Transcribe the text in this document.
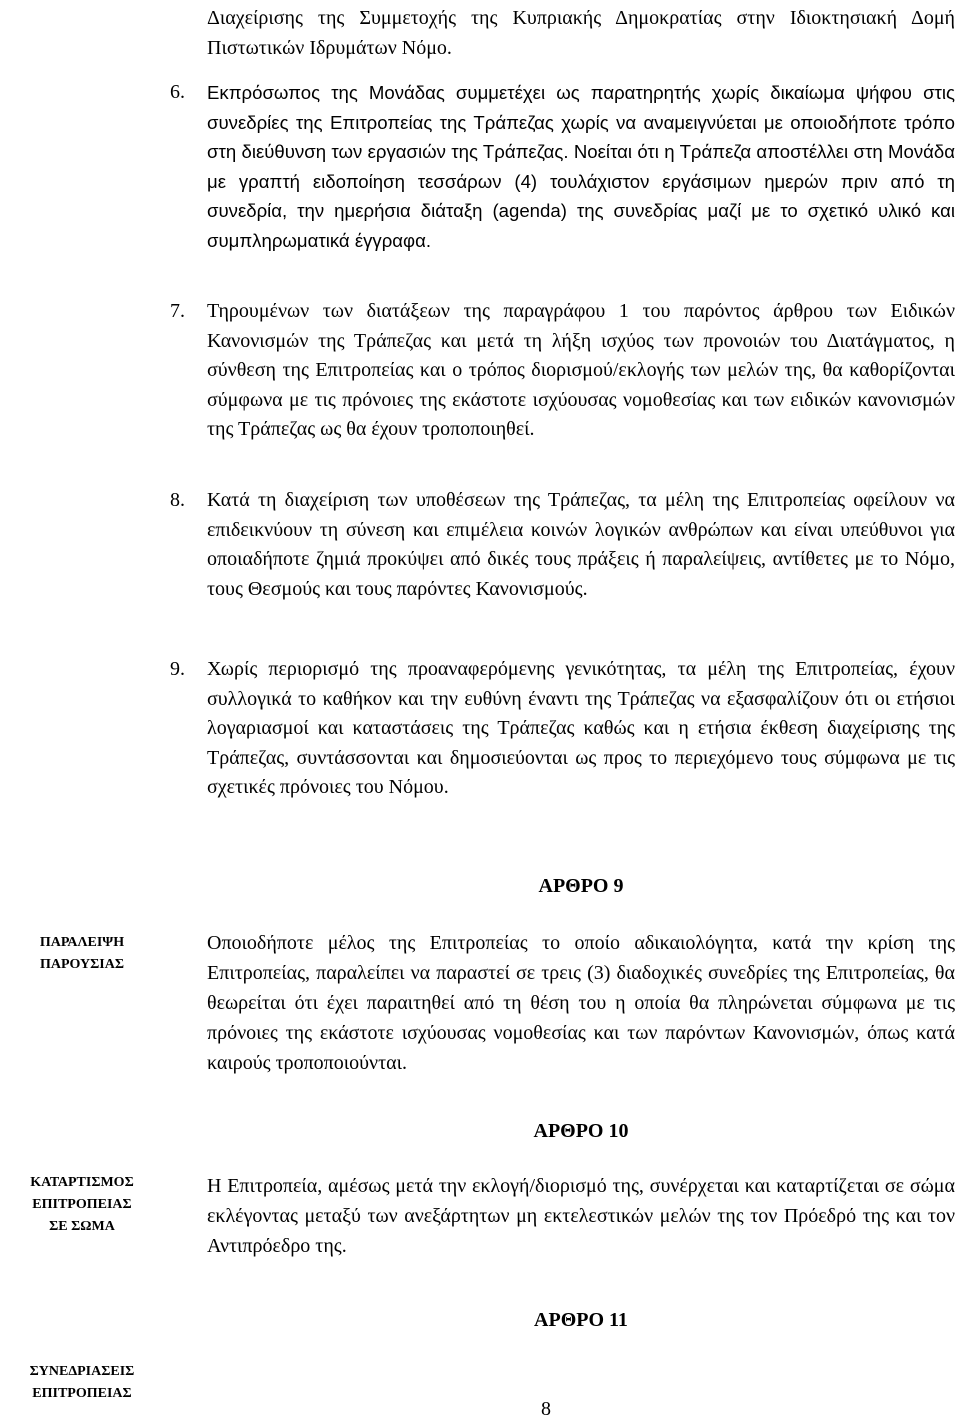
Διαχείρισης της Συμμετοχής της Κυπριακής Δημοκρατίας στην Ιδιοκτησιακή Δομή Πιστωτικών Ιδρυμάτων Νόμο.
6.	Εκπρόσωπος της Μονάδας συμμετέχει ως παρατηρητής χωρίς δικαίωμα ψήφου στις συνεδρίες της Επιτροπείας της Τράπεζας χωρίς να αναμειγνύεται με οποιοδήποτε τρόπο στη διεύθυνση των εργασιών της Τράπεζας. Νοείται ότι η Τράπεζα αποστέλλει στη Μονάδα με γραπτή ειδοποίηση τεσσάρων (4) τουλάχιστον εργάσιμων ημερών πριν από τη συνεδρία, την ημερήσια διάταξη (agenda) της συνεδρίας μαζί με το σχετικό υλικό και συμπληρωματικά έγγραφα.
7.	Τηρουμένων των διατάξεων της παραγράφου 1 του παρόντος άρθρου των Ειδικών Κανονισμών της Τράπεζας και μετά τη λήξη ισχύος των προνοιών του Διατάγματος, η σύνθεση της Επιτροπείας και ο τρόπος διορισμού/εκλογής των μελών της, θα καθορίζονται σύμφωνα με τις πρόνοιες της εκάστοτε ισχύουσας νομοθεσίας και των ειδικών κανονισμών της Τράπεζας ως θα έχουν τροποποιηθεί.
8.	Κατά τη διαχείριση των υποθέσεων της Τράπεζας, τα μέλη της Επιτροπείας οφείλουν να επιδεικνύουν τη σύνεση και επιμέλεια κοινών λογικών ανθρώπων και είναι υπεύθυνοι για οποιαδήποτε ζημιά προκύψει από δικές τους πράξεις ή παραλείψεις, αντίθετες με το Νόμο, τους Θεσμούς και τους παρόντες Κανονισμούς.
9.	Χωρίς περιορισμό της προαναφερόμενης γενικότητας, τα μέλη της Επιτροπείας, έχουν συλλογικά το καθήκον και την ευθύνη έναντι της Τράπεζας να εξασφαλίζουν ότι οι ετήσιοι λογαριασμοί και καταστάσεις της Τράπεζας καθώς και η ετήσια έκθεση διαχείρισης της Τράπεζας, συντάσσονται και δημοσιεύονται ως προς το περιεχόμενο τους σύμφωνα με τις σχετικές πρόνοιες του Νόμου.
ΑΡΘΡΟ 9
ΠΑΡΑΛΕΙΨΗ
ΠΑΡΟΥΣΙΑΣ
Οποιοδήποτε μέλος της Επιτροπείας το οποίο αδικαιολόγητα, κατά την κρίση της Επιτροπείας, παραλείπει να παραστεί σε τρεις (3) διαδοχικές συνεδρίες της Επιτροπείας, θα θεωρείται ότι έχει παραιτηθεί από τη θέση του η οποία θα πληρώνεται σύμφωνα με τις πρόνοιες της εκάστοτε ισχύουσας νομοθεσίας και των παρόντων Κανονισμών, όπως κατά καιρούς τροποποιούνται.
ΑΡΘΡΟ 10
ΚΑΤΑΡΤΙΣΜΟΣ
ΕΠΙΤΡΟΠΕΙΑΣ
ΣΕ ΣΩΜΑ
Η Επιτροπεία, αμέσως μετά την εκλογή/διορισμό της, συνέρχεται και καταρτίζεται σε σώμα εκλέγοντας μεταξύ των ανεξάρτητων μη εκτελεστικών μελών της τον Πρόεδρό της και τον Αντιπρόεδρο της.
ΑΡΘΡΟ 11
ΣΥΝΕΔΡΙΑΣΕΙΣ
ΕΠΙΤΡΟΠΕΙΑΣ
8
